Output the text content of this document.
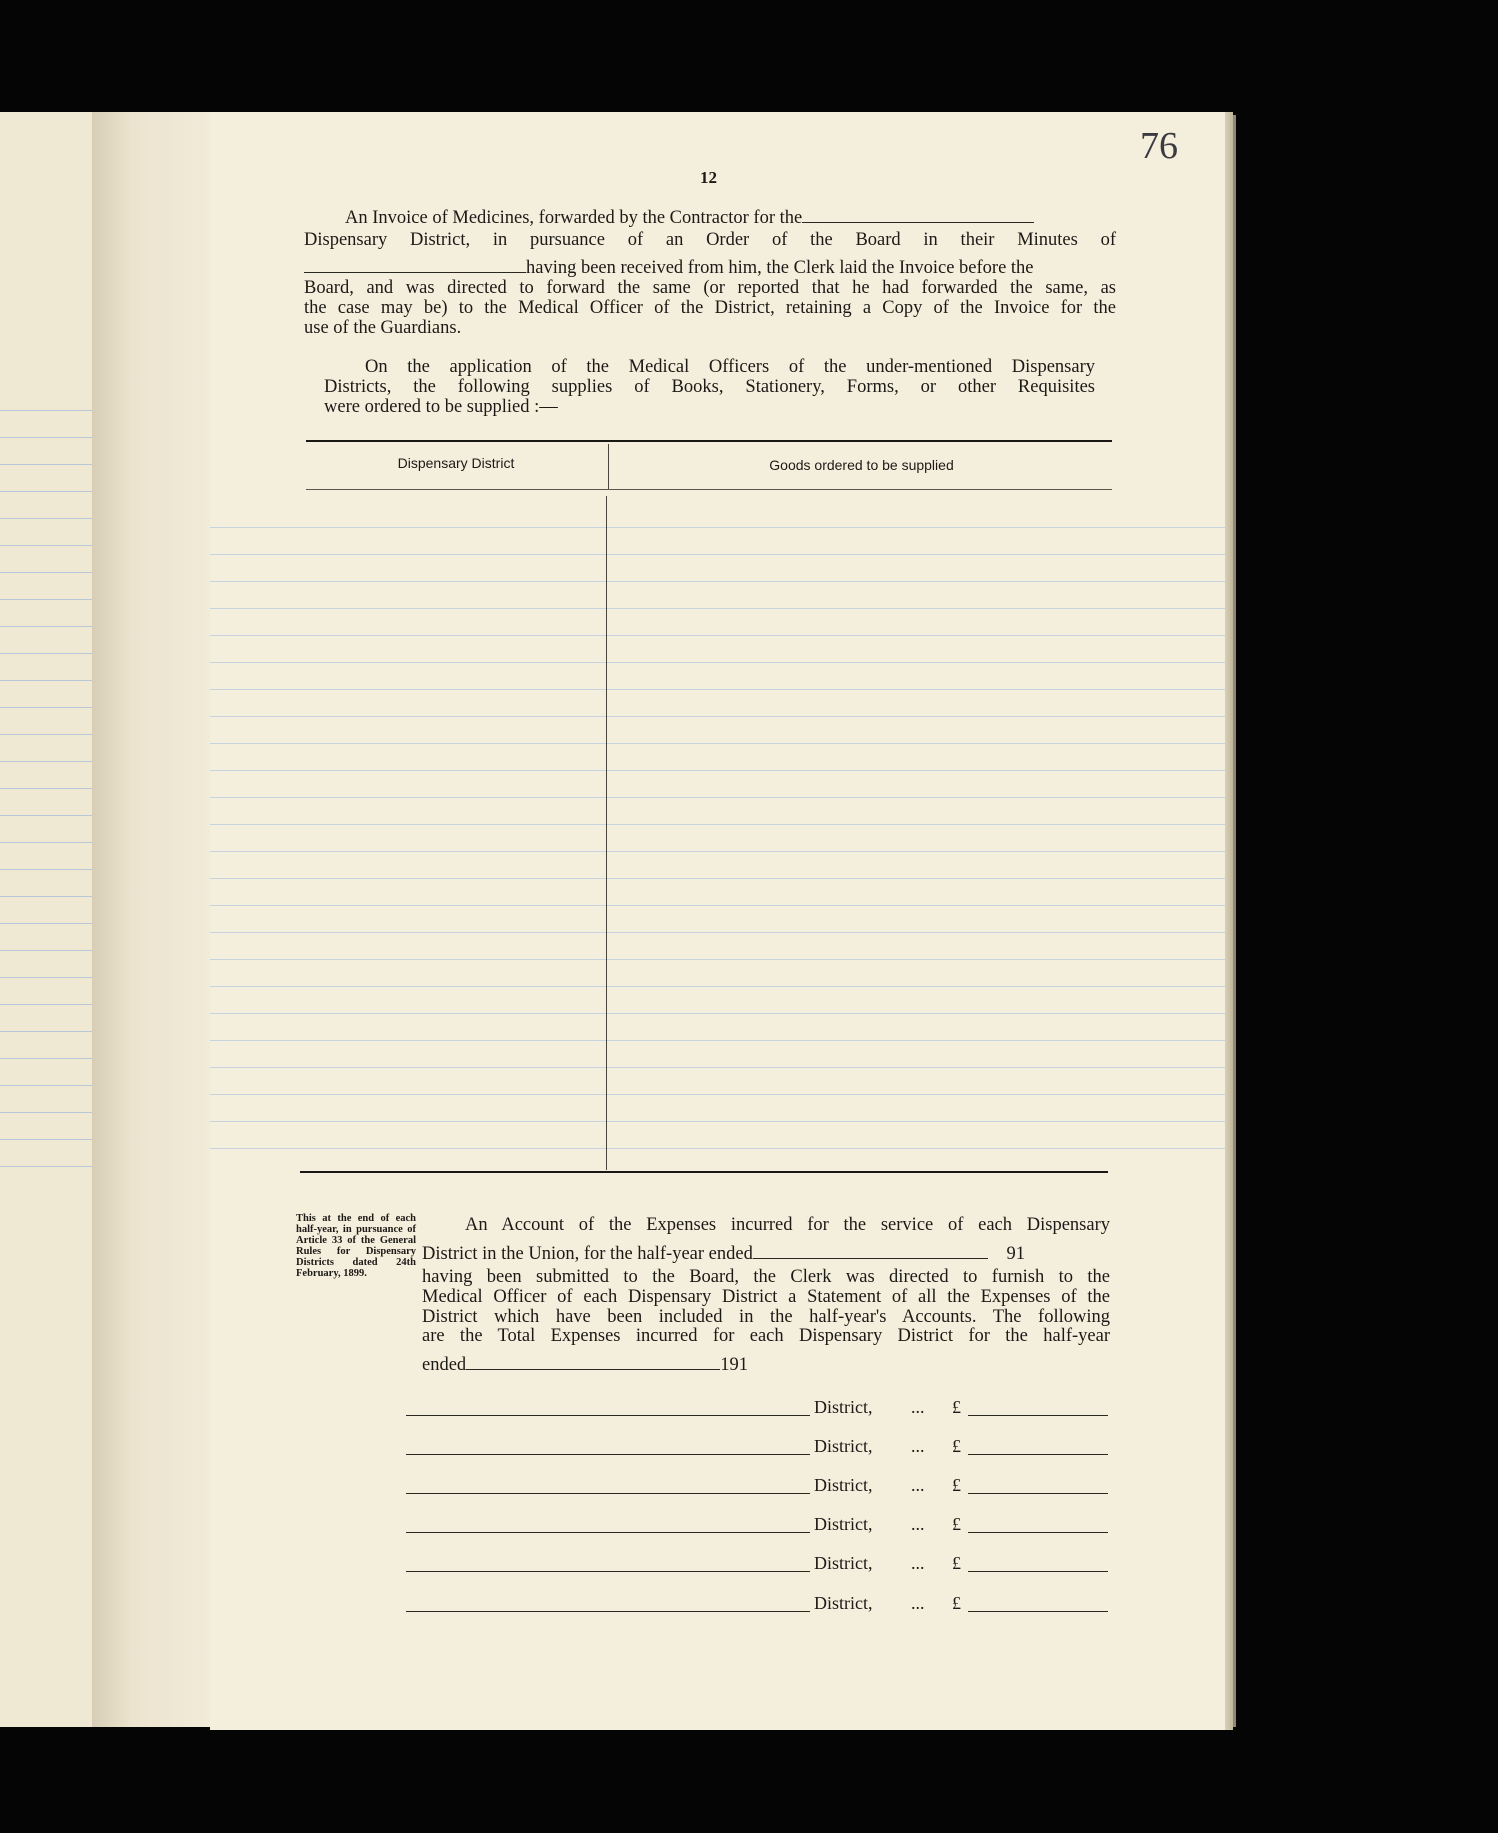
76
12
An Invoice of Medicines, forwarded by the Contractor for the
Dispensary District, in pursuance of an Order of the Board in their Minutes of
having been received from him, the Clerk laid the Invoice before the
Board, and was directed to forward the same (or reported that he had forwarded the same, as
the case may be) to the Medical Officer of the District, retaining a Copy of the Invoice for the
use of the Guardians.
On the application of the Medical Officers of the under-mentioned Dispensary
Districts, the following supplies of Books, Stationery, Forms, or other Requisites
were ordered to be supplied :—
Dispensary District	Goods ordered to be supplied
This at the end of each half-year, in pursuance of Article 33 of the General Rules for Dispensary Districts dated 24th February, 1899.
An Account of the Expenses incurred for the service of each Dispensary
District in the Union, for the half-year ended	91
having been submitted to the Board, the Clerk was directed to furnish to the
Medical Officer of each Dispensary District a Statement of all the Expenses of the
District which have been included in the half-year's Accounts. The following
are the Total Expenses incurred for each Dispensary District for the half-year
ended	191
District, ... £
District, ... £
District, ... £
District, ... £
District, ... £
District, ... £
